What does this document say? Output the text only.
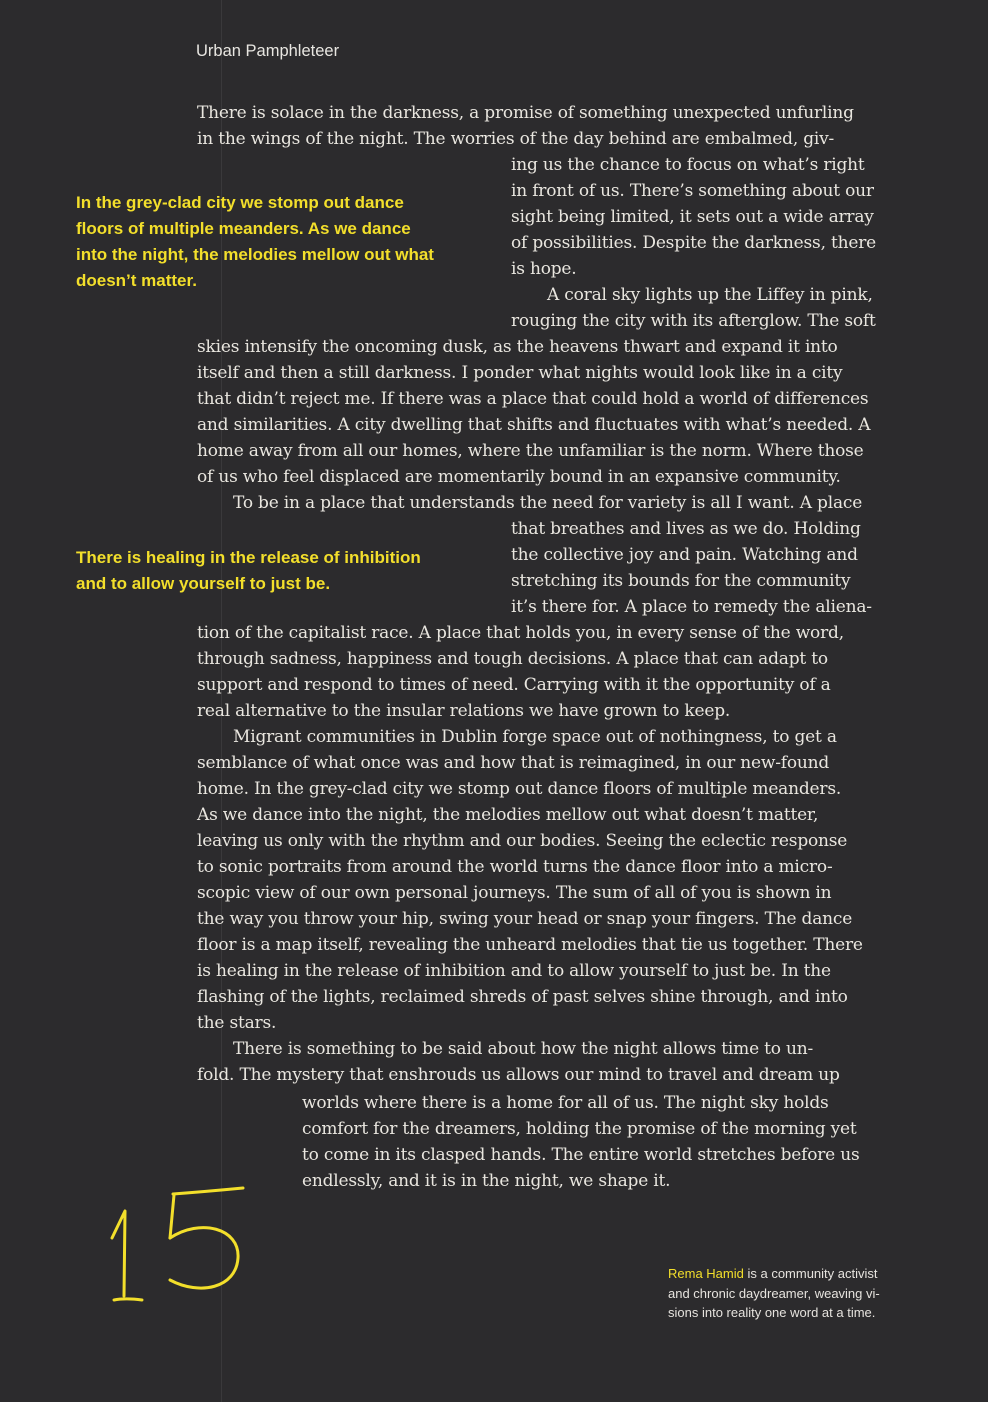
Urban Pamphleteer
There is solace in the darkness, a promise of something unexpected unfurling
in the wings of the night. The worries of the day behind are embalmed, giv-
ing us the chance to focus on what’s right
in front of us. There’s something about our
sight being limited, it sets out a wide array
of possibilities. Despite the darkness, there
is hope.
A coral sky lights up the Liffey in pink,
rouging the city with its afterglow. The soft
skies intensify the oncoming dusk, as the heavens thwart and expand it into
itself and then a still darkness. I ponder what nights would look like in a city
that didn’t reject me. If there was a place that could hold a world of differences
and similarities. A city dwelling that shifts and fluctuates with what’s needed. A
home away from all our homes, where the unfamiliar is the norm. Where those
of us who feel displaced are momentarily bound in an expansive community.
To be in a place that understands the need for variety is all I want. A place
that breathes and lives as we do. Holding
the collective joy and pain. Watching and
stretching its bounds for the community
it’s there for. A place to remedy the aliena-
tion of the capitalist race. A place that holds you, in every sense of the word,
through sadness, happiness and tough decisions. A place that can adapt to
support and respond to times of need. Carrying with it the opportunity of a
real alternative to the insular relations we have grown to keep.
Migrant communities in Dublin forge space out of nothingness, to get a
semblance of what once was and how that is reimagined, in our new-found
home. In the grey-clad city we stomp out dance floors of multiple meanders.
As we dance into the night, the melodies mellow out what doesn’t matter,
leaving us only with the rhythm and our bodies. Seeing the eclectic response
to sonic portraits from around the world turns the dance floor into a micro-
scopic view of our own personal journeys. The sum of all of you is shown in
the way you throw your hip, swing your head or snap your fingers. The dance
floor is a map itself, revealing the unheard melodies that tie us together. There
is healing in the release of inhibition and to allow yourself to just be. In the
flashing of the lights, reclaimed shreds of past selves shine through, and into
the stars.
There is something to be said about how the night allows time to un-
fold. The mystery that enshrouds us allows our mind to travel and dream up
worlds where there is a home for all of us. The night sky holds
comfort for the dreamers, holding the promise of the morning yet
to come in its clasped hands. The entire world stretches before us
endlessly, and it is in the night, we shape it.
In the grey-clad city we stomp out dance
floors of multiple meanders. As we dance
into the night, the melodies mellow out what
doesn’t matter.
There is healing in the release of inhibition
and to allow yourself to just be.
Rema Hamid is a community activist
and chronic daydreamer, weaving vi-
sions into reality one word at a time.
